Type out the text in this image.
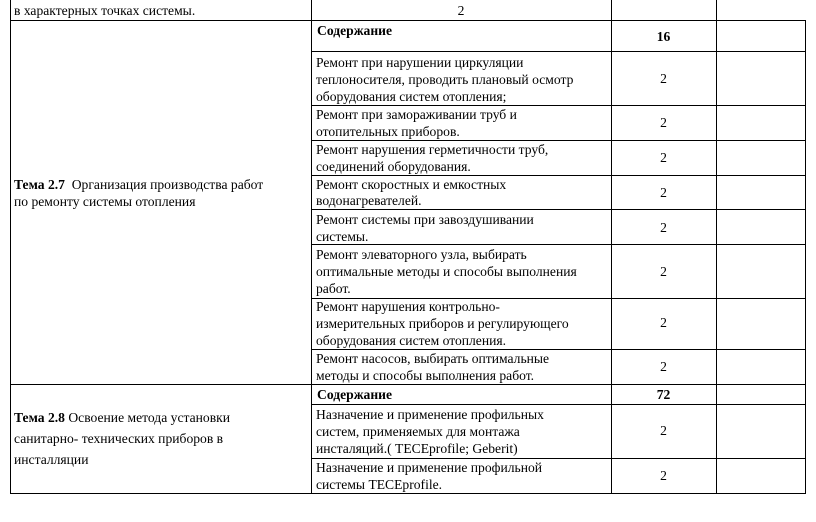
в характерных точках системы.	2
Тема 2.7 Организация производства работ
по ремонту системы отопления
Содержание	16
Ремонт при нарушении циркуляции
теплоносителя, проводить плановый осмотр
оборудования систем отопления;
2
Ремонт при замораживании труб и
отопительных приборов.
2
Ремонт нарушения герметичности труб,
соединений оборудования.
2
Ремонт скоростных и емкостных
водонагревателей.
2
Ремонт системы при завоздушивании
системы.
2
Ремонт элеваторного узла, выбирать
оптимальные методы и способы выполнения
работ.
2
Ремонт нарушения контрольно-
измерительных приборов и регулирующего
оборудования систем отопления.
2
Ремонт насосов, выбирать оптимальные
методы и способы выполнения работ.
2
Тема 2.8 Освоение метода установки
санитарно- технических приборов в
инсталляции
Содержание	72
Назначение и применение профильных
систем, применяемых для монтажа
инсталяций.( TECEprofile; Geberit)
2
Назначение и применение профильной
системы TECEprofile.
2
